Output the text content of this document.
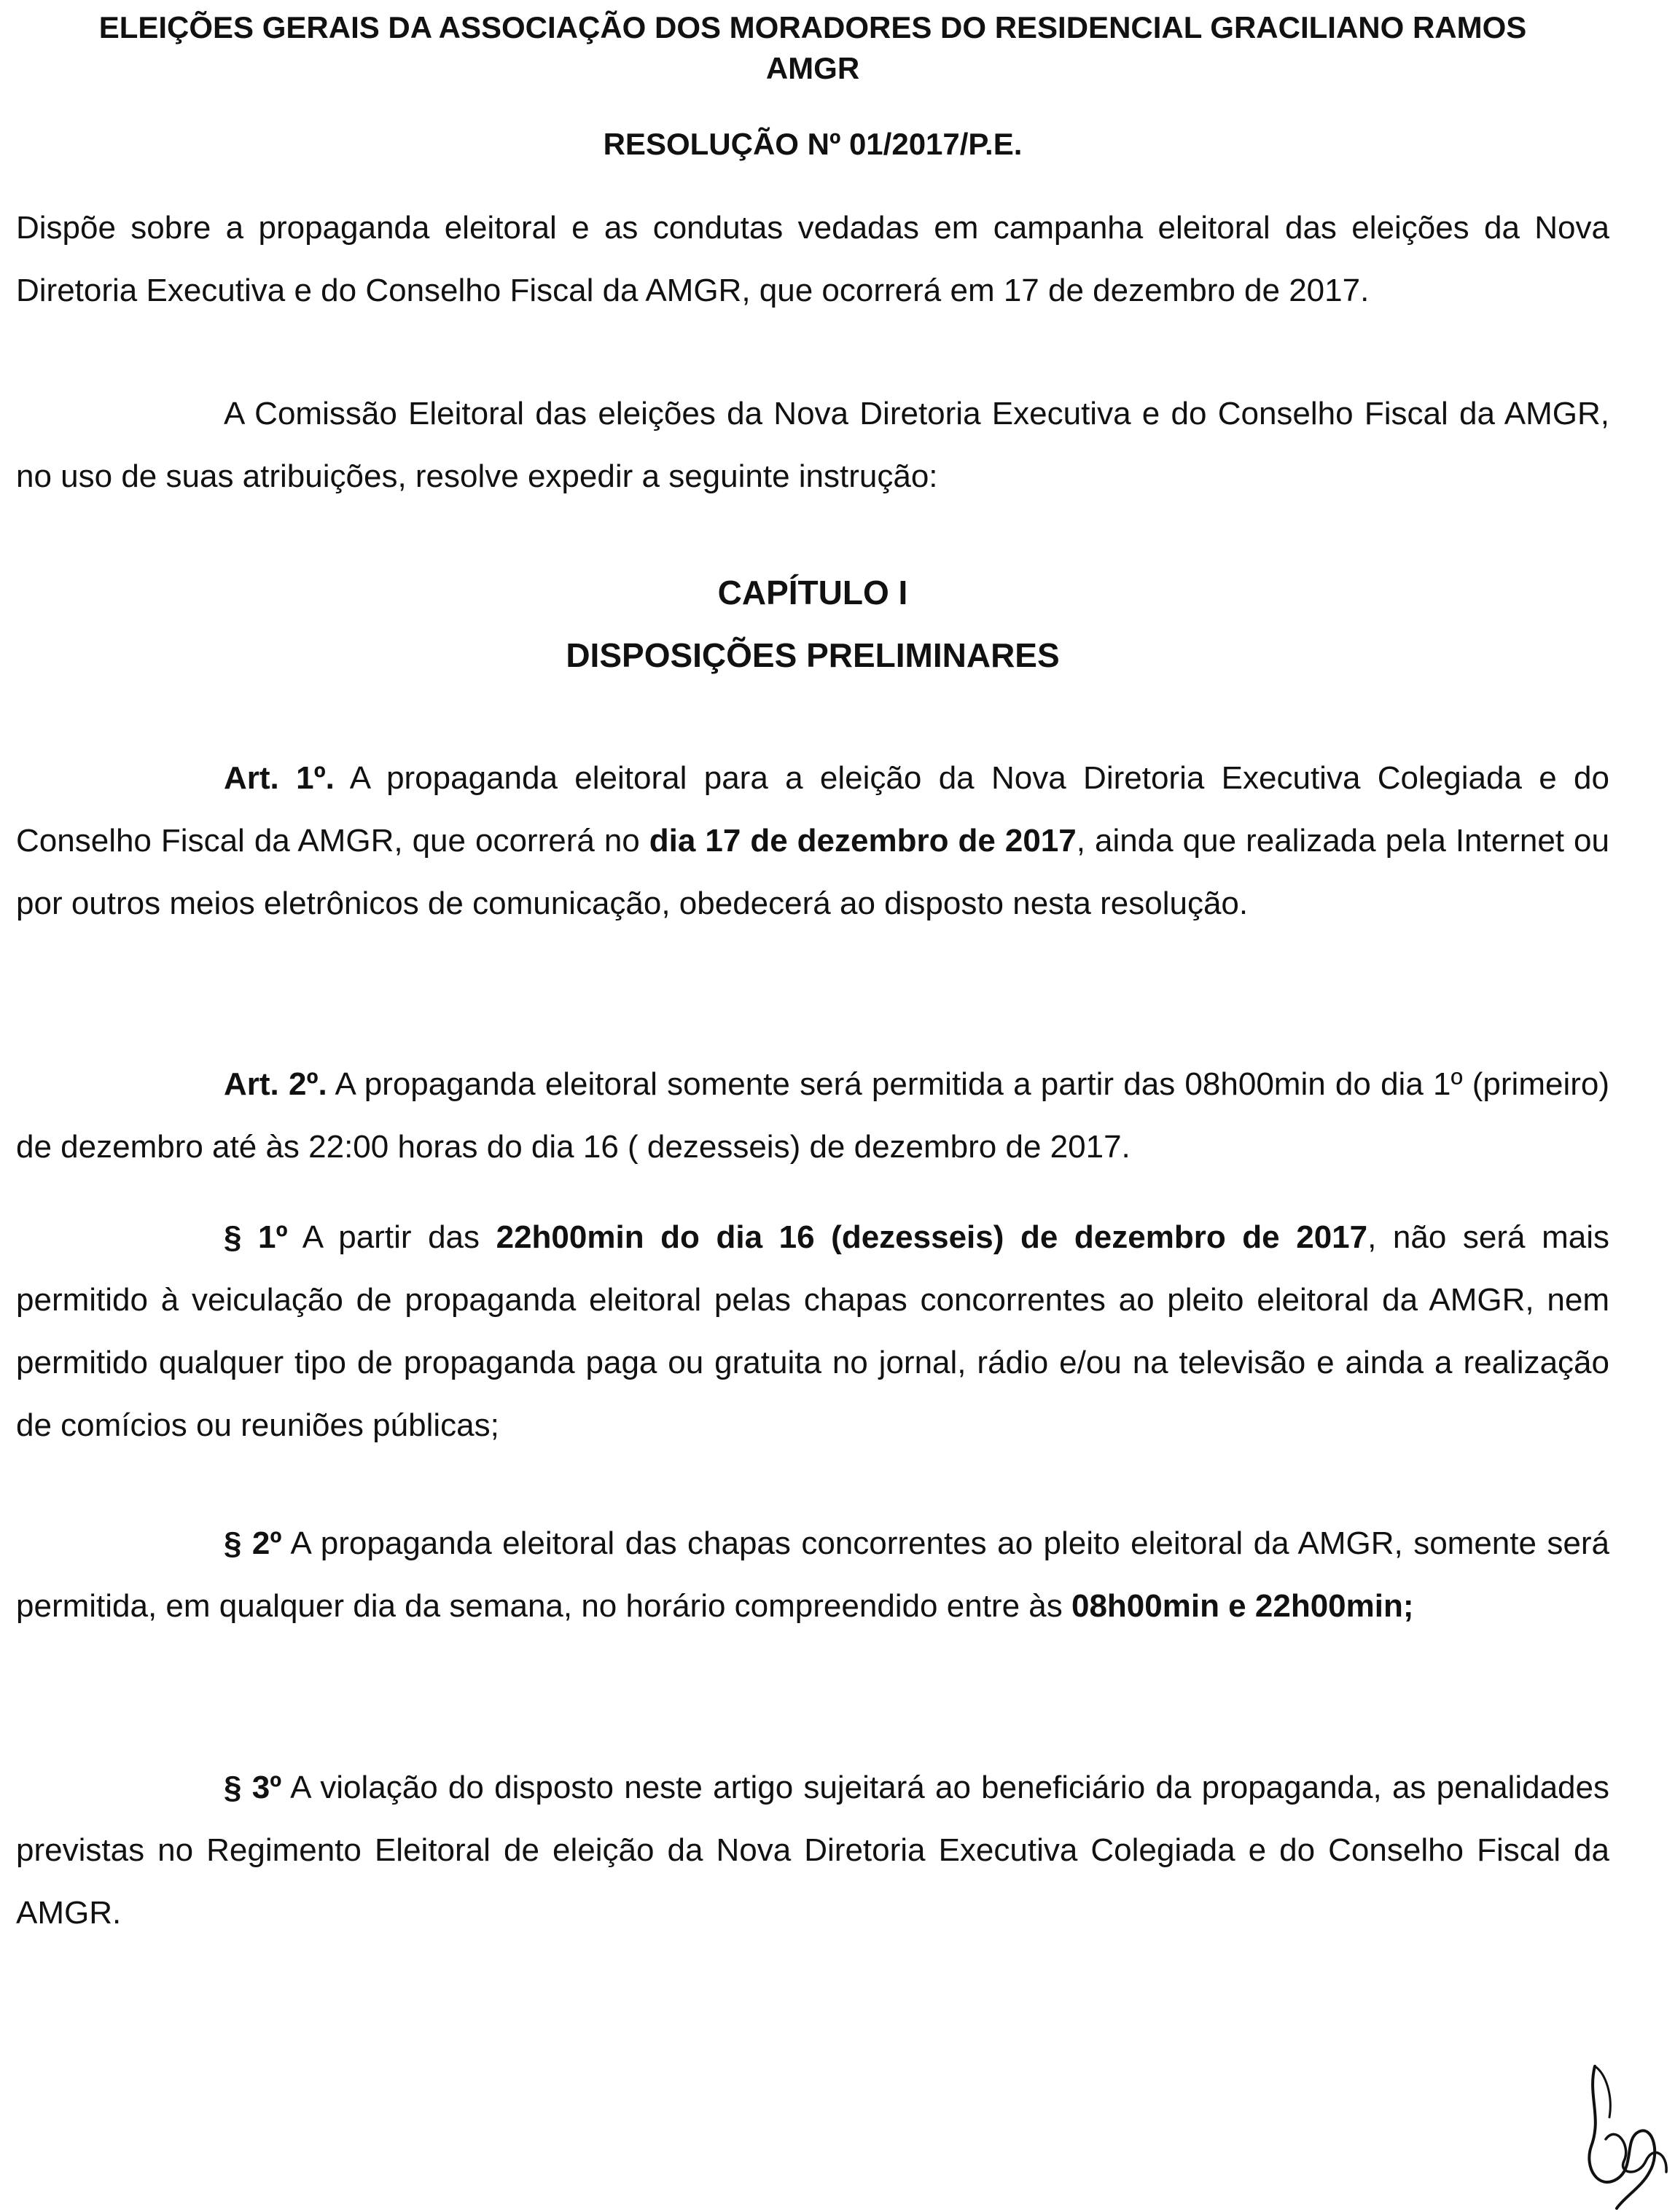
ELEIÇÕES GERAIS DA ASSOCIAÇÃO DOS MORADORES DO RESIDENCIAL GRACILIANO RAMOS
AMGR
RESOLUÇÃO Nº 01/2017/P.E.

Dispõe sobre a propaganda eleitoral e as condutas vedadas em campanha eleitoral das eleições da Nova Diretoria Executiva e do Conselho Fiscal da AMGR, que ocorrerá em 17 de dezembro de 2017.

A Comissão Eleitoral das eleições da Nova Diretoria Executiva e do Conselho Fiscal da AMGR, no uso de suas atribuições, resolve expedir a seguinte instrução:

CAPÍTULO I
DISPOSIÇÕES PRELIMINARES

Art. 1º. A propaganda eleitoral para a eleição da Nova Diretoria Executiva Colegiada e do Conselho Fiscal da AMGR, que ocorrerá no dia 17 de dezembro de 2017, ainda que realizada pela Internet ou por outros meios eletrônicos de comunicação, obedecerá ao disposto nesta resolução.

Art. 2º. A propaganda eleitoral somente será permitida a partir das 08h00min do dia 1º (primeiro) de dezembro até às 22:00 horas do dia 16 ( dezesseis) de dezembro de 2017.

§ 1º A partir das 22h00min do dia 16 (dezesseis) de dezembro de 2017, não será mais permitido à veiculação de propaganda eleitoral pelas chapas concorrentes ao pleito eleitoral da AMGR, nem permitido qualquer tipo de propaganda paga ou gratuita no jornal, rádio e/ou na televisão e ainda a realização de comícios ou reuniões públicas;

§ 2º A propaganda eleitoral das chapas concorrentes ao pleito eleitoral da AMGR, somente será permitida, em qualquer dia da semana, no horário compreendido entre às 08h00min e 22h00min;

§ 3º A violação do disposto neste artigo sujeitará ao beneficiário da propaganda, as penalidades previstas no Regimento Eleitoral de eleição da Nova Diretoria Executiva Colegiada e do Conselho Fiscal da AMGR.
